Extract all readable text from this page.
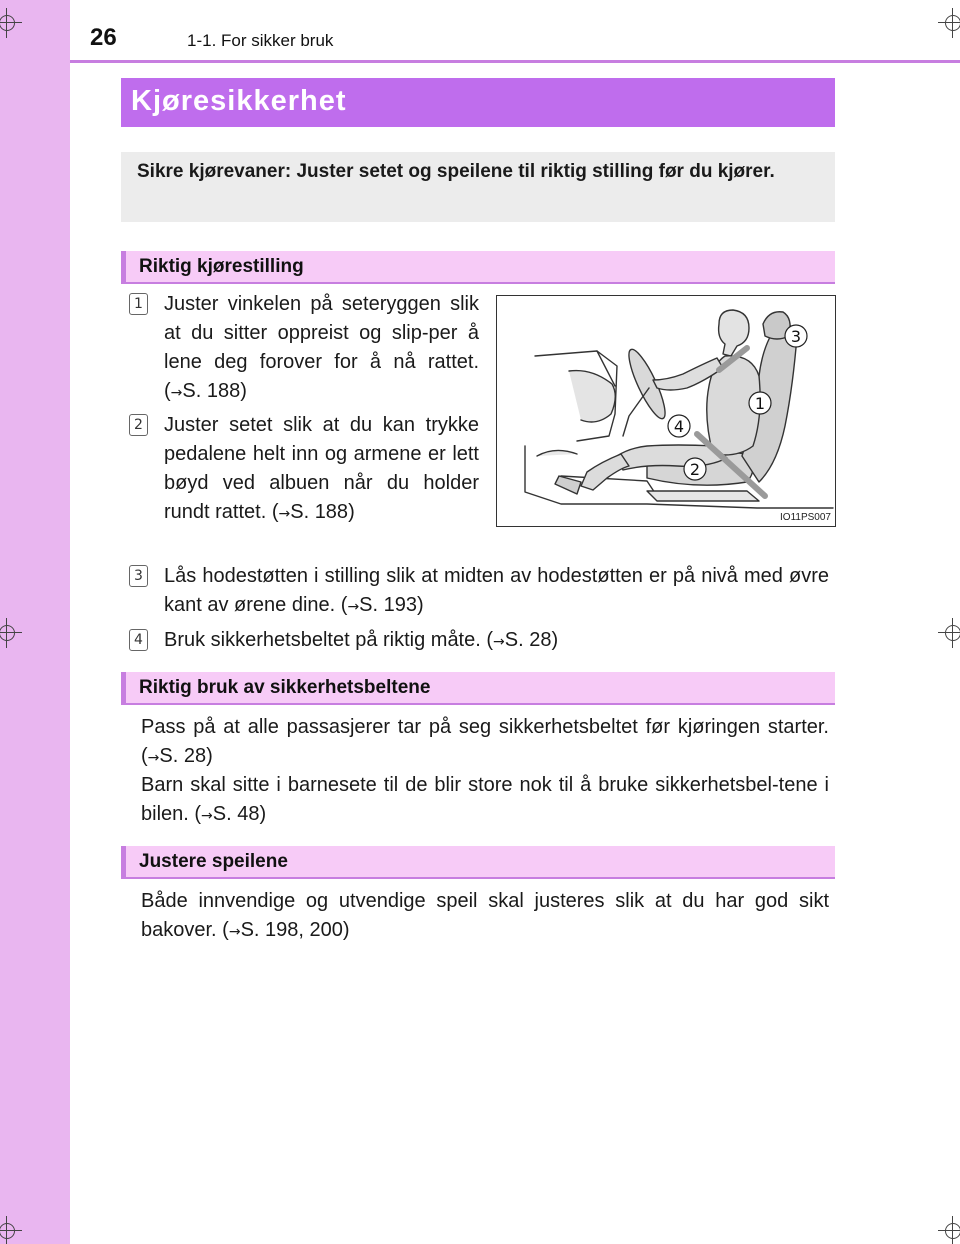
26	1-1. For sikker bruk
Kjøresikkerhet
Sikre kjørevaner: Juster setet og speilene til riktig stilling før du kjører.
Riktig kjørestilling
1 Juster vinkelen på seteryggen slik at du sitter oppreist og slip-per å lene deg forover for å nå rattet. (→S. 188)
2 Juster setet slik at du kan trykke pedalene helt inn og armene er lett bøyd ved albuen når du holder rundt rattet. (→S. 188)
3
1
4
2
IO11PS007
3 Lås hodestøtten i stilling slik at midten av hodestøtten er på nivå med øvre kant av ørene dine. (→S. 193)
4 Bruk sikkerhetsbeltet på riktig måte. (→S. 28)
Riktig bruk av sikkerhetsbeltene
Pass på at alle passasjerer tar på seg sikkerhetsbeltet før kjøringen starter. (→S. 28)
Barn skal sitte i barnesete til de blir store nok til å bruke sikkerhetsbel-tene i bilen. (→S. 48)
Justere speilene
Både innvendige og utvendige speil skal justeres slik at du har god sikt bakover. (→S. 198, 200)
